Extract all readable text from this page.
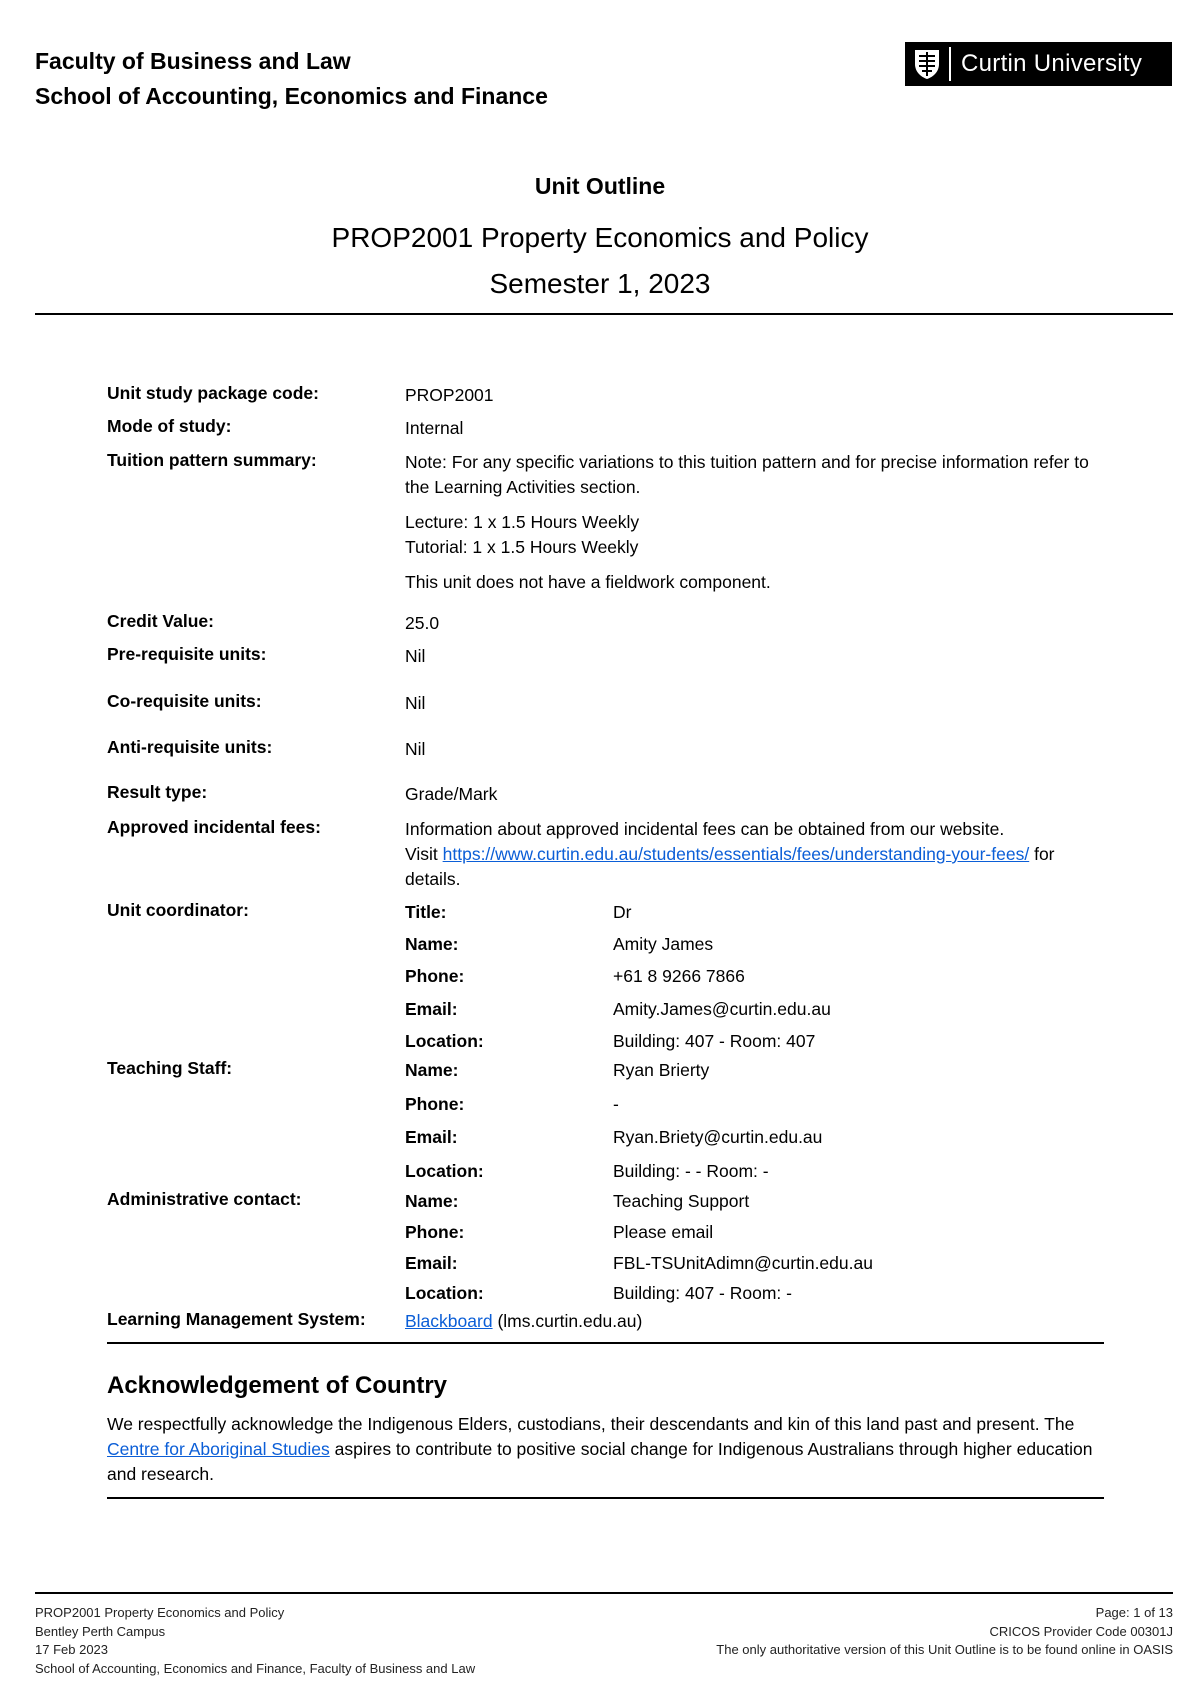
Faculty of Business and Law
School of Accounting, Economics and Finance
Curtin University
Unit Outline
PROP2001 Property Economics and Policy
Semester 1, 2023
Unit study package code:	PROP2001
Mode of study:	Internal
Tuition pattern summary:	Note: For any specific variations to this tuition pattern and for precise information refer to the Learning Activities section.

Lecture: 1 x 1.5 Hours Weekly
Tutorial: 1 x 1.5 Hours Weekly

This unit does not have a fieldwork component.

Credit Value:	25.0
Pre-requisite units:	Nil
Co-requisite units:	Nil
Anti-requisite units:	Nil
Result type:	Grade/Mark
Approved incidental fees:	Information about approved incidental fees can be obtained from our website.
Visit https://www.curtin.edu.au/students/essentials/fees/understanding-your-fees/ for details.
Unit coordinator:	Title:	Dr
Name:	Amity James
Phone:	+61 8 9266 7866
Email:	Amity.James@curtin.edu.au
Location:	Building: 407 - Room: 407
Teaching Staff:	Name:	Ryan Brierty
Phone:	-
Email:	Ryan.Briety@curtin.edu.au
Location:	Building: - - Room: -
Administrative contact:	Name:	Teaching Support
Phone:	Please email
Email:	FBL-TSUnitAdimn@curtin.edu.au
Location:	Building: 407 - Room: -
Learning Management System:	Blackboard (lms.curtin.edu.au)
Acknowledgement of Country
We respectfully acknowledge the Indigenous Elders, custodians, their descendants and kin of this land past and present. The Centre for Aboriginal Studies aspires to contribute to positive social change for Indigenous Australians through higher education and research.
PROP2001 Property Economics and Policy
Bentley Perth Campus
17 Feb 2023
School of Accounting, Economics and Finance, Faculty of Business and Law
Page: 1 of 13
CRICOS Provider Code 00301J
The only authoritative version of this Unit Outline is to be found online in OASIS
